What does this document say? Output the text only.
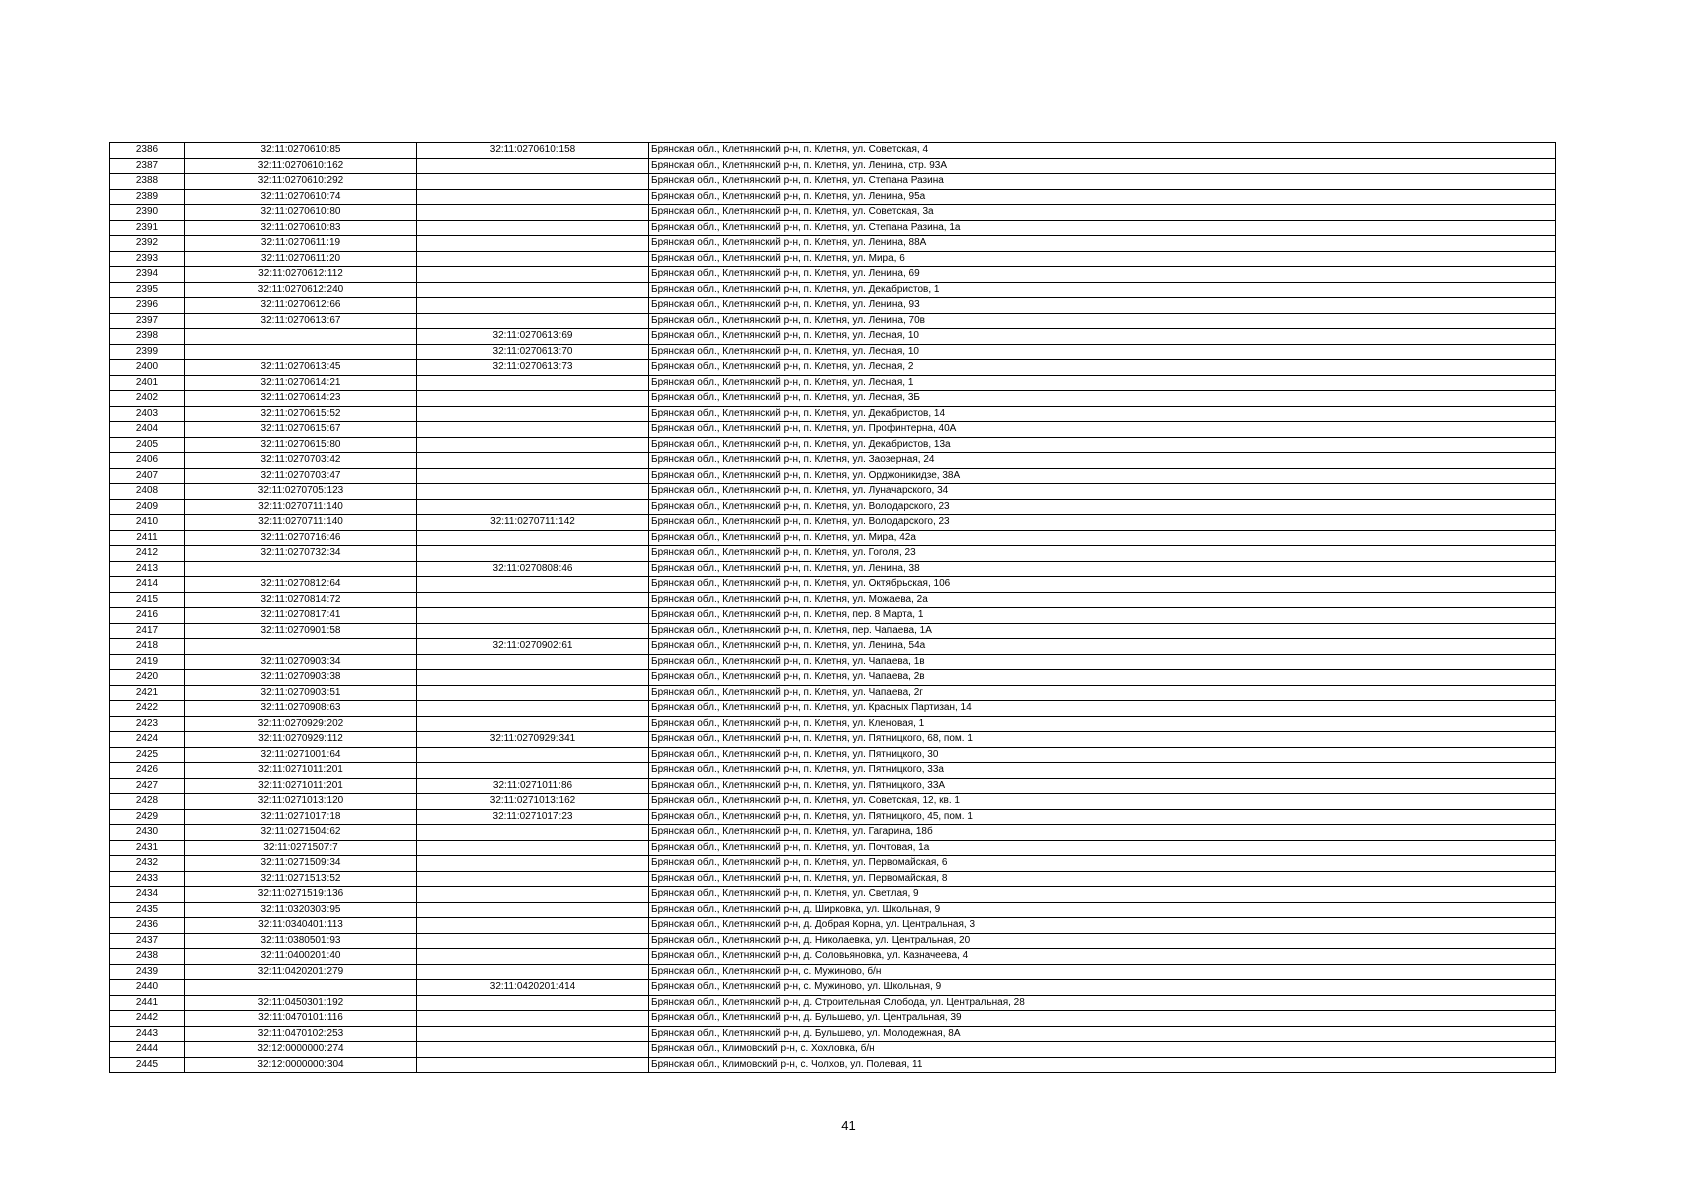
2386	32:11:0270610:85	32:11:0270610:158	Брянская обл., Клетнянский р-н, п. Клетня, ул. Советская, 4
2387	32:11:0270610:162		Брянская обл., Клетнянский р-н, п. Клетня, ул. Ленина, стр. 93А
2388	32:11:0270610:292		Брянская обл., Клетнянский р-н, п. Клетня, ул. Степана Разина
2389	32:11:0270610:74		Брянская обл., Клетнянский р-н, п. Клетня, ул. Ленина, 95а
2390	32:11:0270610:80		Брянская обл., Клетнянский р-н, п. Клетня, ул. Советская, 3а
2391	32:11:0270610:83		Брянская обл., Клетнянский р-н, п. Клетня, ул. Степана Разина, 1а
2392	32:11:0270611:19		Брянская обл., Клетнянский р-н, п. Клетня, ул. Ленина, 88А
2393	32:11:0270611:20		Брянская обл., Клетнянский р-н, п. Клетня, ул. Мира, 6
2394	32:11:0270612:112		Брянская обл., Клетнянский р-н, п. Клетня, ул. Ленина, 69
2395	32:11:0270612:240		Брянская обл., Клетнянский р-н, п. Клетня, ул. Декабристов, 1
2396	32:11:0270612:66		Брянская обл., Клетнянский р-н, п. Клетня, ул. Ленина, 93
2397	32:11:0270613:67		Брянская обл., Клетнянский р-н, п. Клетня, ул. Ленина, 70в
2398		32:11:0270613:69	Брянская обл., Клетнянский р-н, п. Клетня, ул. Лесная, 10
2399		32:11:0270613:70	Брянская обл., Клетнянский р-н, п. Клетня, ул. Лесная, 10
2400	32:11:0270613:45	32:11:0270613:73	Брянская обл., Клетнянский р-н, п. Клетня, ул. Лесная, 2
2401	32:11:0270614:21		Брянская обл., Клетнянский р-н, п. Клетня, ул. Лесная, 1
2402	32:11:0270614:23		Брянская обл., Клетнянский р-н, п. Клетня, ул. Лесная, 3Б
2403	32:11:0270615:52		Брянская обл., Клетнянский р-н, п. Клетня, ул. Декабристов, 14
2404	32:11:0270615:67		Брянская обл., Клетнянский р-н, п. Клетня, ул. Профинтерна, 40А
2405	32:11:0270615:80		Брянская обл., Клетнянский р-н, п. Клетня, ул. Декабристов, 13а
2406	32:11:0270703:42		Брянская обл., Клетнянский р-н, п. Клетня, ул. Заозерная, 24
2407	32:11:0270703:47		Брянская обл., Клетнянский р-н, п. Клетня, ул. Орджоникидзе, 38А
2408	32:11:0270705:123		Брянская обл., Клетнянский р-н, п. Клетня, ул. Луначарского, 34
2409	32:11:0270711:140		Брянская обл., Клетнянский р-н, п. Клетня, ул. Володарского, 23
2410	32:11:0270711:140	32:11:0270711:142	Брянская обл., Клетнянский р-н, п. Клетня, ул. Володарского, 23
2411	32:11:0270716:46		Брянская обл., Клетнянский р-н, п. Клетня, ул. Мира, 42а
2412	32:11:0270732:34		Брянская обл., Клетнянский р-н, п. Клетня, ул. Гоголя, 23
2413		32:11:0270808:46	Брянская обл., Клетнянский р-н, п. Клетня, ул. Ленина, 38
2414	32:11:0270812:64		Брянская обл., Клетнянский р-н, п. Клетня, ул. Октябрьская, 106
2415	32:11:0270814:72		Брянская обл., Клетнянский р-н, п. Клетня, ул. Можаева, 2а
2416	32:11:0270817:41		Брянская обл., Клетнянский р-н, п. Клетня, пер. 8 Марта, 1
2417	32:11:0270901:58		Брянская обл., Клетнянский р-н, п. Клетня, пер. Чапаева, 1А
2418		32:11:0270902:61	Брянская обл., Клетнянский р-н, п. Клетня, ул. Ленина, 54а
2419	32:11:0270903:34		Брянская обл., Клетнянский р-н, п. Клетня, ул. Чапаева, 1в
2420	32:11:0270903:38		Брянская обл., Клетнянский р-н, п. Клетня, ул. Чапаева, 2в
2421	32:11:0270903:51		Брянская обл., Клетнянский р-н, п. Клетня, ул. Чапаева, 2г
2422	32:11:0270908:63		Брянская обл., Клетнянский р-н, п. Клетня, ул. Красных Партизан, 14
2423	32:11:0270929:202		Брянская обл., Клетнянский р-н, п. Клетня, ул. Кленовая, 1
2424	32:11:0270929:112	32:11:0270929:341	Брянская обл., Клетнянский р-н, п. Клетня, ул. Пятницкого, 68, пом. 1
2425	32:11:0271001:64		Брянская обл., Клетнянский р-н, п. Клетня, ул. Пятницкого, 30
2426	32:11:0271011:201		Брянская обл., Клетнянский р-н, п. Клетня, ул. Пятницкого, 33а
2427	32:11:0271011:201	32:11:0271011:86	Брянская обл., Клетнянский р-н, п. Клетня, ул. Пятницкого, 33А
2428	32:11:0271013:120	32:11:0271013:162	Брянская обл., Клетнянский р-н, п. Клетня, ул. Советская, 12, кв. 1
2429	32:11:0271017:18	32:11:0271017:23	Брянская обл., Клетнянский р-н, п. Клетня, ул. Пятницкого, 45, пом. 1
2430	32:11:0271504:62		Брянская обл., Клетнянский р-н, п. Клетня, ул. Гагарина, 18б
2431	32:11:0271507:7		Брянская обл., Клетнянский р-н, п. Клетня, ул. Почтовая, 1а
2432	32:11:0271509:34		Брянская обл., Клетнянский р-н, п. Клетня, ул. Первомайская, 6
2433	32:11:0271513:52		Брянская обл., Клетнянский р-н, п. Клетня, ул. Первомайская, 8
2434	32:11:0271519:136		Брянская обл., Клетнянский р-н, п. Клетня, ул. Светлая, 9
2435	32:11:0320303:95		Брянская обл., Клетнянский р-н, д. Ширковка, ул. Школьная, 9
2436	32:11:0340401:113		Брянская обл., Клетнянский р-н, д. Добрая Корна, ул. Центральная, 3
2437	32:11:0380501:93		Брянская обл., Клетнянский р-н, д. Николаевка, ул. Центральная, 20
2438	32:11:0400201:40		Брянская обл., Клетнянский р-н, д. Соловьяновка, ул. Казначеева, 4
2439	32:11:0420201:279		Брянская обл., Клетнянский р-н, с. Мужиново, б/н
2440		32:11:0420201:414	Брянская обл., Клетнянский р-н, с. Мужиново, ул. Школьная, 9
2441	32:11:0450301:192		Брянская обл., Клетнянский р-н, д. Строительная Слобода, ул. Центральная, 28
2442	32:11:0470101:116		Брянская обл., Клетнянский р-н, д. Бульшево, ул. Центральная, 39
2443	32:11:0470102:253		Брянская обл., Клетнянский р-н, д. Бульшево, ул. Молодежная, 8А
2444	32:12:0000000:274		Брянская обл., Климовский р-н, с. Хохловка, б/н
2445	32:12:0000000:304		Брянская обл., Климовский р-н, с. Чолхов, ул. Полевая, 11
41
